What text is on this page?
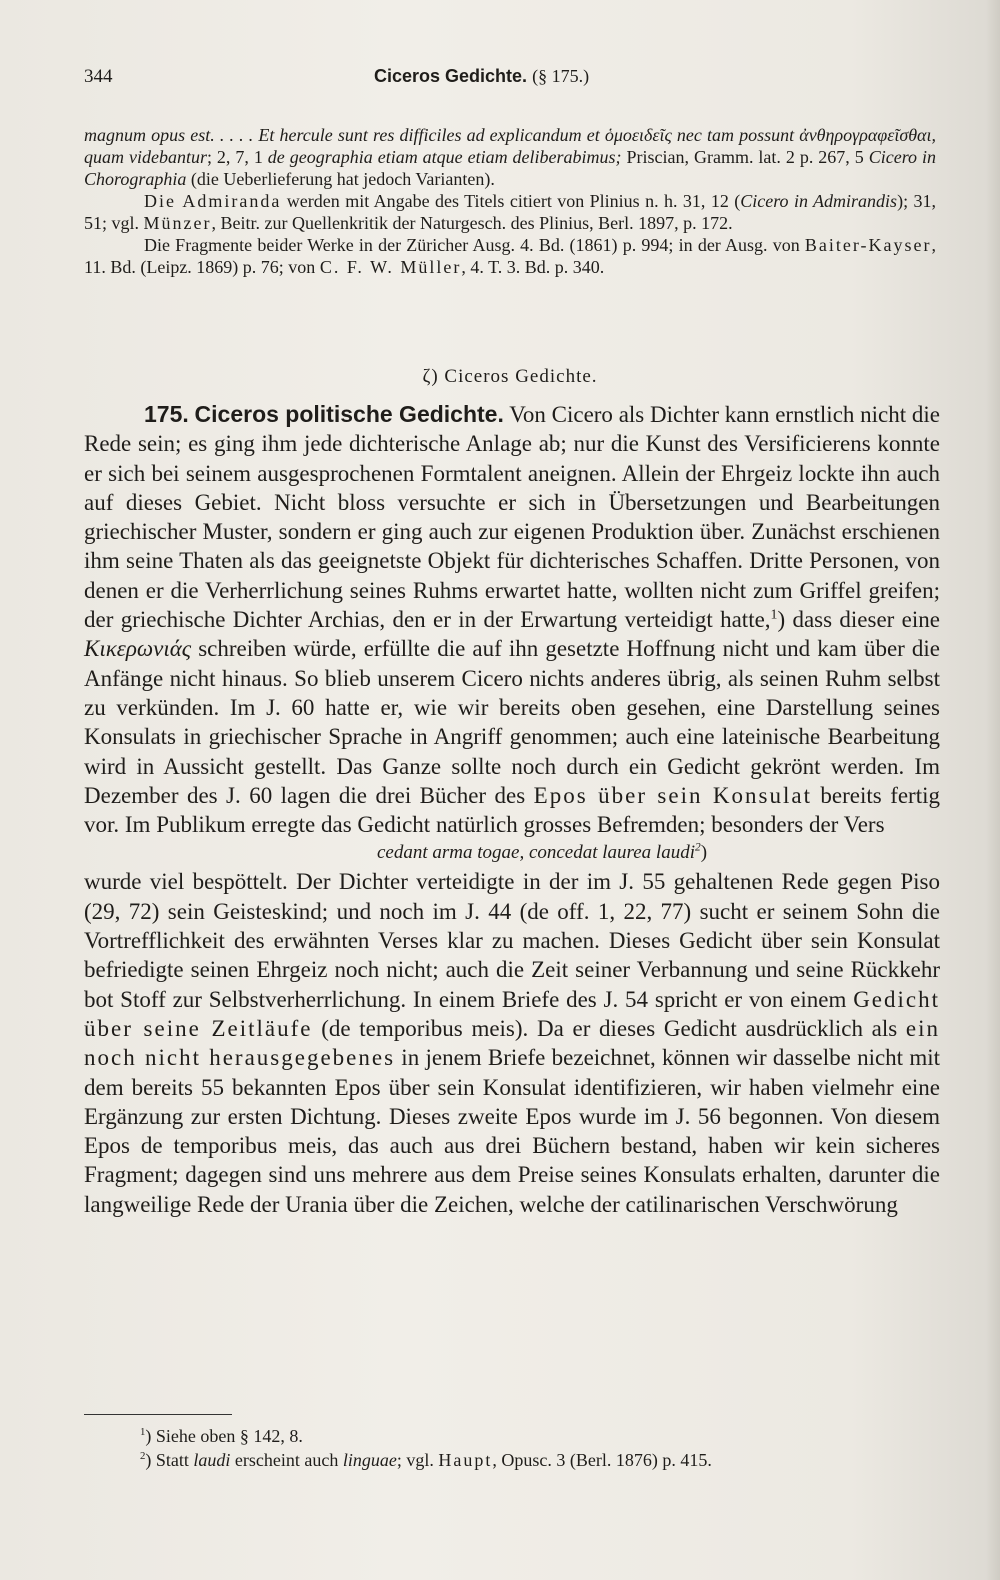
344	Ciceros Gedichte. (§ 175.)

magnum opus est. . . . . Et hercule sunt res difficiles ad explicandum et ὁμοειδεῖς nec tam possunt ἀνθηρογραφεῖσθαι, quam videbantur; 2, 7, 1 de geographia etiam atque etiam deliberabimus; Priscian, Gramm. lat. 2 p. 267, 5 Cicero in Chorographia (die Ueberlieferung hat jedoch Varianten).

Die Admiranda werden mit Angabe des Titels citiert von Plinius n. h. 31, 12 (Cicero in Admirandis); 31, 51; vgl. Münzer, Beitr. zur Quellenkritik der Naturgesch. des Plinius, Berl. 1897, p. 172.

Die Fragmente beider Werke in der Züricher Ausg. 4. Bd. (1861) p. 994; in der Ausg. von Baiter-Kayser, 11. Bd. (Leipz. 1869) p. 76; von C. F. W. Müller, 4. T. 3. Bd. p. 340.

ζ) Ciceros Gedichte.

175. Ciceros politische Gedichte. Von Cicero als Dichter kann ernstlich nicht die Rede sein; es ging ihm jede dichterische Anlage ab; nur die Kunst des Versificierens konnte er sich bei seinem ausgesprochenen Formtalent aneignen. Allein der Ehrgeiz lockte ihn auch auf dieses Gebiet. Nicht bloss versuchte er sich in Übersetzungen und Bearbeitungen griechischer Muster, sondern er ging auch zur eigenen Produktion über. Zunächst erschienen ihm seine Thaten als das geeignetste Objekt für dichterisches Schaffen. Dritte Personen, von denen er die Verherrlichung seines Ruhms erwartet hatte, wollten nicht zum Griffel greifen; der griechische Dichter Archias, den er in der Erwartung verteidigt hatte,$^1$) dass dieser eine Κικερωνιάς schreiben würde, erfüllte die auf ihn gesetzte Hoffnung nicht und kam über die Anfänge nicht hinaus. So blieb unserem Cicero nichts anderes übrig, als seinen Ruhm selbst zu verkünden. Im J. 60 hatte er, wie wir bereits oben gesehen, eine Darstellung seines Konsulats in griechischer Sprache in Angriff genommen; auch eine lateinische Bearbeitung wird in Aussicht gestellt. Das Ganze sollte noch durch ein Gedicht gekrönt werden. Im Dezember des J. 60 lagen die drei Bücher des Epos über sein Konsulat bereits fertig vor. Im Publikum erregte das Gedicht natürlich grosses Befremden; besonders der Vers

cedant arma togae, concedat laurea laudi$^2$)

wurde viel bespöttelt. Der Dichter verteidigte in der im J. 55 gehaltenen Rede gegen Piso (29, 72) sein Geisteskind; und noch im J. 44 (de off. 1, 22, 77) sucht er seinem Sohn die Vortrefflichkeit des erwähnten Verses klar zu machen. Dieses Gedicht über sein Konsulat befriedigte seinen Ehrgeiz noch nicht; auch die Zeit seiner Verbannung und seine Rückkehr bot Stoff zur Selbstverherrlichung. In einem Briefe des J. 54 spricht er von einem Gedicht über seine Zeitläufe (de temporibus meis). Da er dieses Gedicht ausdrücklich als ein noch nicht herausgegebenes in jenem Briefe bezeichnet, können wir dasselbe nicht mit dem bereits 55 bekannten Epos über sein Konsulat identifizieren, wir haben vielmehr eine Ergänzung zur ersten Dichtung. Dieses zweite Epos wurde im J. 56 begonnen. Von diesem Epos de temporibus meis, das auch aus drei Büchern bestand, haben wir kein sicheres Fragment; dagegen sind uns mehrere aus dem Preise seines Konsulats erhalten, darunter die langweilige Rede der Urania über die Zeichen, welche der catilinarischen Verschwörung

$^1$) Siehe oben § 142, 8.

$^2$) Statt laudi erscheint auch linguae; vgl. Haupt, Opusc. 3 (Berl. 1876) p. 415.
